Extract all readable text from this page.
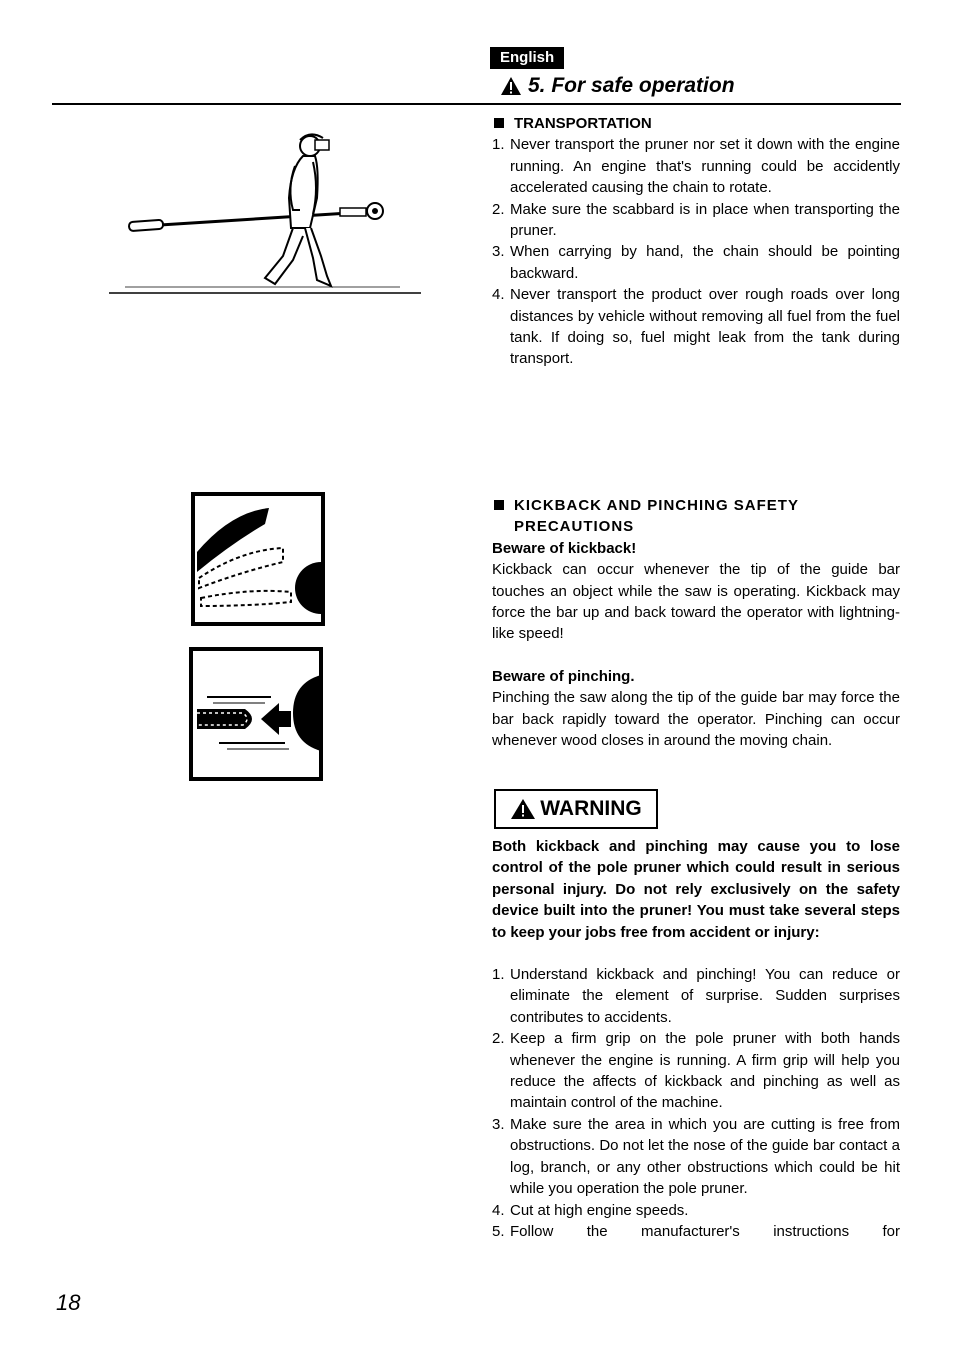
English
5. For safe operation
TRANSPORTATION
1. Never transport the pruner nor set it down with the engine running. An engine that's running could be accidently accelerated causing the chain to rotate.
2. Make sure the scabbard is in place when transporting the pruner.
3. When carrying by hand, the chain should be pointing backward.
4. Never transport the product over rough roads over long distances by vehicle without removing all fuel from the fuel tank. If doing so, fuel might leak from the tank during transport.
KICKBACK AND PINCHING SAFETY PRECAUTIONS

Beware of kickback!

Kickback can occur whenever the tip of the guide bar touches an object while the saw is operating. Kickback may force the bar up and back toward the operator with lightning-like speed!

Beware of pinching.

Pinching the saw along the tip of the guide bar may force the bar back rapidly toward the operator. Pinching can occur whenever wood closes in around the moving chain.

WARNING

Both kickback and pinching may cause you to lose control of the pole pruner which could result in serious personal injury. Do not rely exclusively on the safety device built into the pruner! You must take several steps to keep your jobs free from accident or injury:

1. Understand kickback and pinching! You can reduce or eliminate the element of surprise. Sudden surprises contributes to accidents.
2. Keep a firm grip on the pole pruner with both hands whenever the engine is running. A firm grip will help you reduce the affects of kickback and pinching as well as maintain control of the machine.
3. Make sure the area in which you are cutting is free from obstructions. Do not let the nose of the guide bar contact a log, branch, or any other obstructions which could be hit while you operation the pole pruner.
4. Cut at high engine speeds.
5. Follow the manufacturer's instructions for
18
